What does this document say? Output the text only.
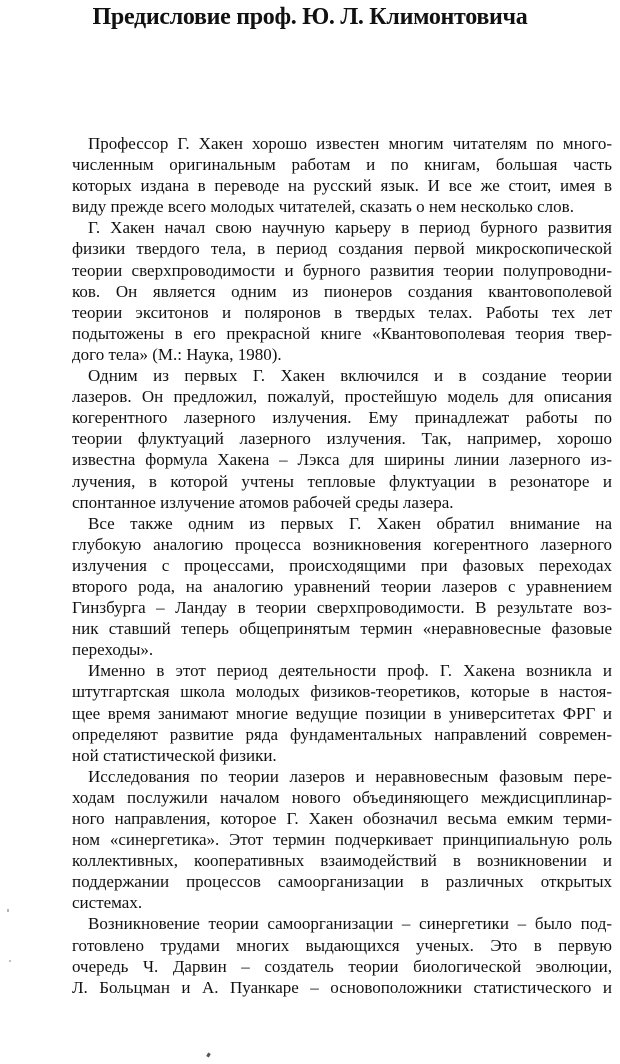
Предисловие проф. Ю. Л. Климонтовича
Профессор Г. Хакен хорошо известен многим читателям по много-
численным оригинальным работам и по книгам, большая часть
которых издана в переводе на русский язык. И все же стоит, имея в
виду прежде всего молодых читателей, сказать о нем несколько слов.
Г. Хакен начал свою научную карьеру в период бурного развития
физики твердого тела, в период создания первой микроскопической
теории сверхпроводимости и бурного развития теории полупроводни-
ков. Он является одним из пионеров создания квантовополевой
теории экситонов и поляронов в твердых телах. Работы тех лет
подытожены в его прекрасной книге «Квантовополевая теория твер-
дого тела» (М.: Наука, 1980).
Одним из первых Г. Хакен включился и в создание теории
лазеров. Он предложил, пожалуй, простейшую модель для описания
когерентного лазерного излучения. Ему принадлежат работы по
теории флуктуаций лазерного излучения. Так, например, хорошо
известна формула Хакена – Лэкса для ширины линии лазерного из-
лучения, в которой учтены тепловые флуктуации в резонаторе и
спонтанное излучение атомов рабочей среды лазера.
Все также одним из первых Г. Хакен обратил внимание на
глубокую аналогию процесса возникновения когерентного лазерного
излучения с процессами, происходящими при фазовых переходах
второго рода, на аналогию уравнений теории лазеров с уравнением
Гинзбурга – Ландау в теории сверхпроводимости. В результате воз-
ник ставший теперь общепринятым термин «неравновесные фазовые
переходы».
Именно в этот период деятельности проф. Г. Хакена возникла и
штутгартская школа молодых физиков-теоретиков, которые в настоя-
щее время занимают многие ведущие позиции в университетах ФРГ и
определяют развитие ряда фундаментальных направлений современ-
ной статистической физики.
Исследования по теории лазеров и неравновесным фазовым пере-
ходам послужили началом нового объединяющего междисциплинар-
ного направления, которое Г. Хакен обозначил весьма емким терми-
ном «синергетика». Этот термин подчеркивает принципиальную роль
коллективных, кооперативных взаимодействий в возникновении и
поддержании процессов самоорганизации в различных открытых
системах.
Возникновение теории самоорганизации – синергетики – было под-
готовлено трудами многих выдающихся ученых. Это в первую
очередь Ч. Дарвин – создатель теории биологической эволюции,
Л. Больцман и А. Пуанкаре – основоположники статистического и
